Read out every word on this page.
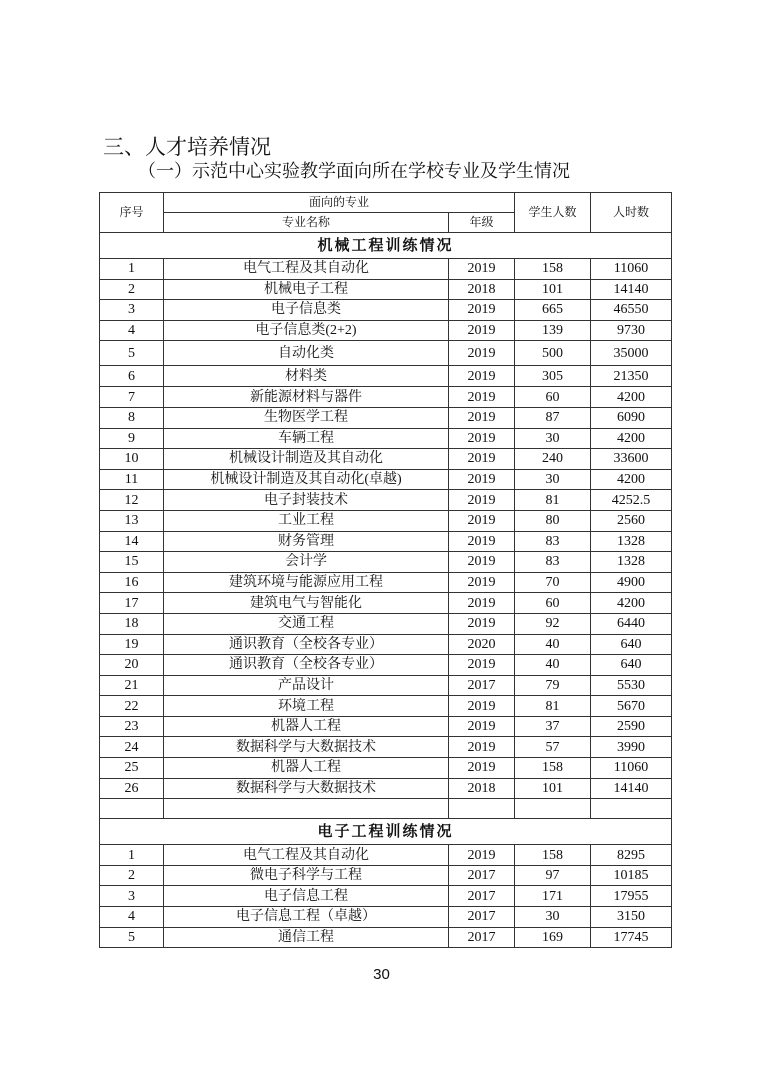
三、人才培养情况
（一）示范中心实验教学面向所在学校专业及学生情况
序号	面向的专业		学生人数	人时数
	专业名称	年级		
机械工程训练情况				
1	电气工程及其自动化	2019	158	11060
2	机械电子工程	2018	101	14140
3	电子信息类	2019	665	46550
4	电子信息类(2+2)	2019	139	9730
5	自动化类	2019	500	35000
6	材料类	2019	305	21350
7	新能源材料与器件	2019	60	4200
8	生物医学工程	2019	87	6090
9	车辆工程	2019	30	4200
10	机械设计制造及其自动化	2019	240	33600
11	机械设计制造及其自动化(卓越)	2019	30	4200
12	电子封装技术	2019	81	4252.5
13	工业工程	2019	80	2560
14	财务管理	2019	83	1328
15	会计学	2019	83	1328
16	建筑环境与能源应用工程	2019	70	4900
17	建筑电气与智能化	2019	60	4200
18	交通工程	2019	92	6440
19	通识教育（全校各专业）	2020	40	640
20	通识教育（全校各专业）	2019	40	640
21	产品设计	2017	79	5530
22	环境工程	2019	81	5670
23	机器人工程	2019	37	2590
24	数据科学与大数据技术	2019	57	3990
25	机器人工程	2019	158	11060
26	数据科学与大数据技术	2018	101	14140

电子工程训练情况				
1	电气工程及其自动化	2019	158	8295
2	微电子科学与工程	2017	97	10185
3	电子信息工程	2017	171	17955
4	电子信息工程（卓越）	2017	30	3150
5	通信工程	2017	169	17745
30
